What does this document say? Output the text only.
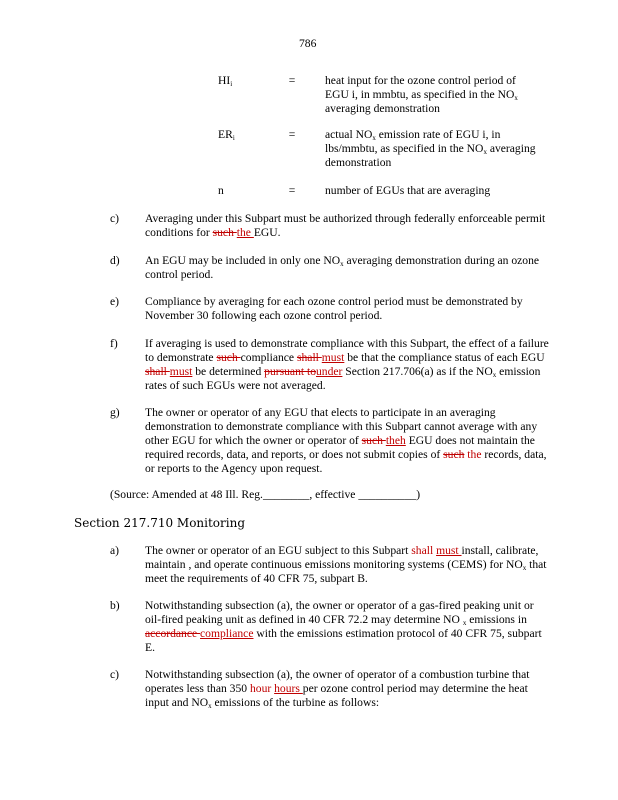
786
$HI_i$	=	heat input for the ozone control period of EGU i, in mmbtu, as specified in the $NO_x$ averaging demonstration
$ER_i$	=	actual $NO_x$ emission rate of EGU i, in lbs/mmbtu, as specified in the $NO_x$ averaging demonstration
n	=	number of EGUs that are averaging
c)	Averaging under this Subpart must be authorized through federally enforceable permit conditions for such the EGU.
d)	An EGU may be included in only one $NO_x$ averaging demonstration during an ozone control period.
e)	Compliance by averaging for each ozone control period must be demonstrated by November 30 following each ozone control period.
f)	If averaging is used to demonstrate compliance with this Subpart, the effect of a failure to demonstrate such compliance shall must be that the compliance status of each EGU shall must be determined pursuant tounder Section 217.706(a) as if the $NO_x$ emission rates of such EGUs were not averaged.
g)	The owner or operator of any EGU that elects to participate in an averaging demonstration to demonstrate compliance with this Subpart cannot average with any other EGU for which the owner or operator of such theh EGU does not maintain the required records, data, and reports, or does not submit copies of such the records, data, or reports to the Agency upon request.
(Source: Amended at 48 Ill. Reg.________, effective __________)
Section 217.710 Monitoring
a)	The owner or operator of an EGU subject to this Subpart shall must install, calibrate, maintain , and operate continuous emissions monitoring systems (CEMS) for $NO_x$ that meet the requirements of 40 CFR 75, subpart B.
b)	Notwithstanding subsection (a), the owner or operator of a gas-fired peaking unit or oil-fired peaking unit as defined in 40 CFR 72.2 may determine NO $_x$ emissions in accordance compliance with the emissions estimation protocol of 40 CFR 75, subpart E.
c)	Notwithstanding subsection (a), the owner of operator of a combustion turbine that operates less than 350 hour hours per ozone control period may determine the heat input and $NO_x$ emissions of the turbine as follows:
